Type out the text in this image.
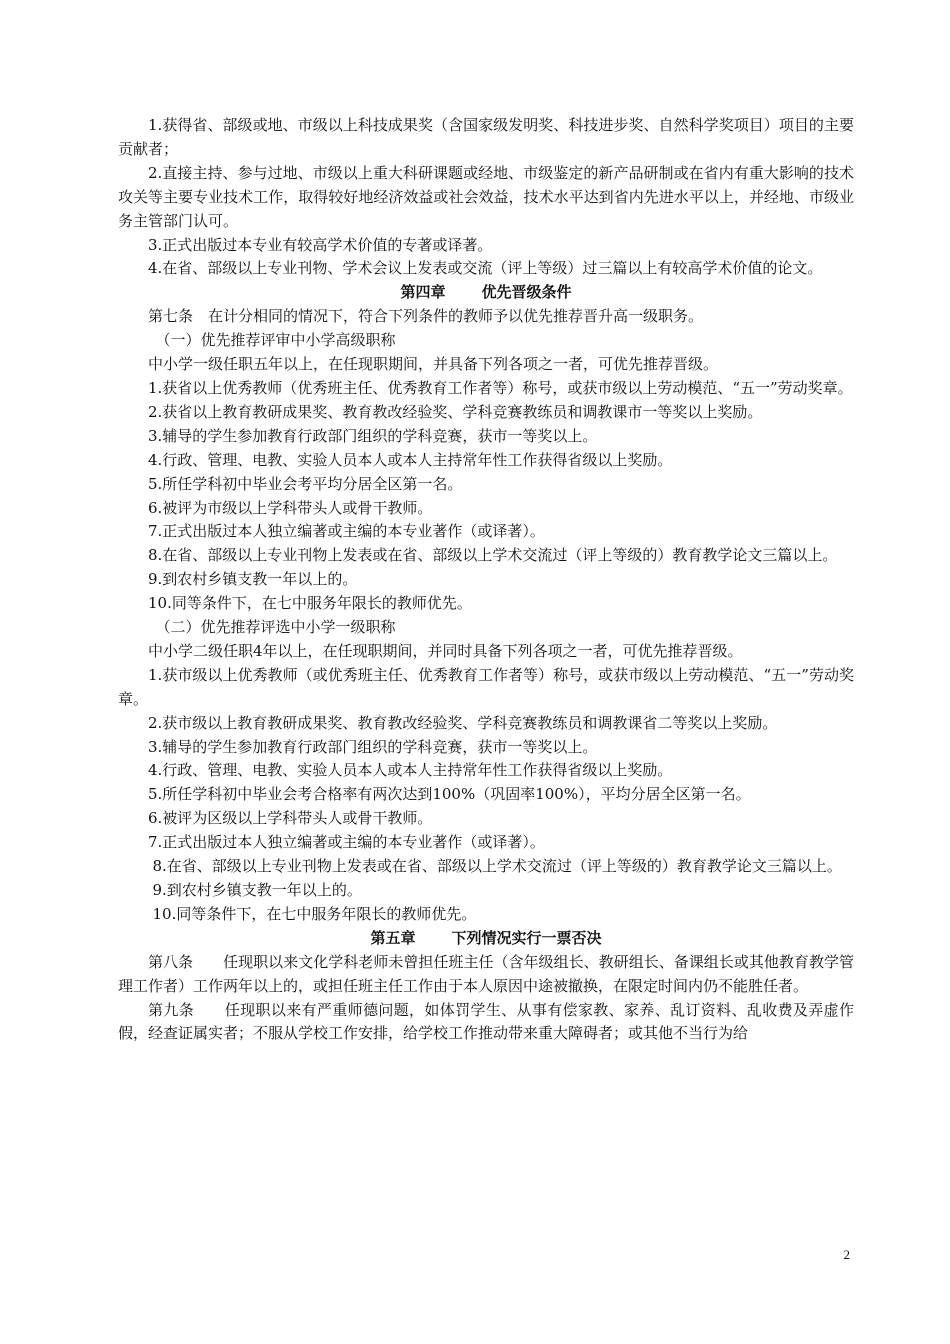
1.获得省、部级或地、市级以上科技成果奖（含国家级发明奖、科技进步奖、自然科学奖项目）项目的主要贡献者；

2.直接主持、参与过地、市级以上重大科研课题或经地、市级鉴定的新产品研制或在省内有重大影响的技术攻关等主要专业技术工作，取得较好地经济效益或社会效益，技术水平达到省内先进水平以上，并经地、市级业务主管部门认可。

3.正式出版过本专业有较高学术价值的专著或译著。

4.在省、部级以上专业刊物、学术会议上发表或交流（评上等级）过三篇以上有较高学术价值的论文。

第四章 优先晋级条件

第七条　在计分相同的情况下，符合下列条件的教师予以优先推荐晋升高一级职务。

（一）优先推荐评审中小学高级职称

中小学一级任职五年以上，在任现职期间，并具备下列各项之一者，可优先推荐晋级。

1.获省以上优秀教师（优秀班主任、优秀教育工作者等）称号，或获市级以上劳动模范、“五一”劳动奖章。

2.获省以上教育教研成果奖、教育教改经验奖、学科竞赛教练员和调教课市一等奖以上奖励。

3.辅导的学生参加教育行政部门组织的学科竞赛，获市一等奖以上。

4.行政、管理、电教、实验人员本人或本人主持常年性工作获得省级以上奖励。

5.所任学科初中毕业会考平均分居全区第一名。

6.被评为市级以上学科带头人或骨干教师。

7.正式出版过本人独立编著或主编的本专业著作（或译著）。

8.在省、部级以上专业刊物上发表或在省、部级以上学术交流过（评上等级的）教育教学论文三篇以上。

9.到农村乡镇支教一年以上的。

10.同等条件下，在七中服务年限长的教师优先。

（二）优先推荐评选中小学一级职称

中小学二级任职4年以上，在任现职期间，并同时具备下列各项之一者，可优先推荐晋级。

1.获市级以上优秀教师（或优秀班主任、优秀教育工作者等）称号，或获市级以上劳动模范、“五一”劳动奖章。

2.获市级以上教育教研成果奖、教育教改经验奖、学科竞赛教练员和调教课省二等奖以上奖励。

3.辅导的学生参加教育行政部门组织的学科竞赛，获市一等奖以上。

4.行政、管理、电教、实验人员本人或本人主持常年性工作获得省级以上奖励。

5.所任学科初中毕业会考合格率有两次达到100%（巩固率100%），平均分居全区第一名。

6.被评为区级以上学科带头人或骨干教师。

7.正式出版过本人独立编著或主编的本专业著作（或译著）。

8.在省、部级以上专业刊物上发表或在省、部级以上学术交流过（评上等级的）教育教学论文三篇以上。

9.到农村乡镇支教一年以上的。

10.同等条件下，在七中服务年限长的教师优先。

第五章 下列情况实行一票否决

第八条　　任现职以来文化学科老师未曾担任班主任（含年级组长、教研组长、备课组长或其他教育教学管理工作者）工作两年以上的，或担任班主任工作由于本人原因中途被撤换，在限定时间内仍不能胜任者。

第九条　　任现职以来有严重师德问题，如体罚学生、从事有偿家教、家养、乱订资料、乱收费及弄虚作假，经查证属实者；不服从学校工作安排，给学校工作推动带来重大障碍者；或其他不当行为给

2
